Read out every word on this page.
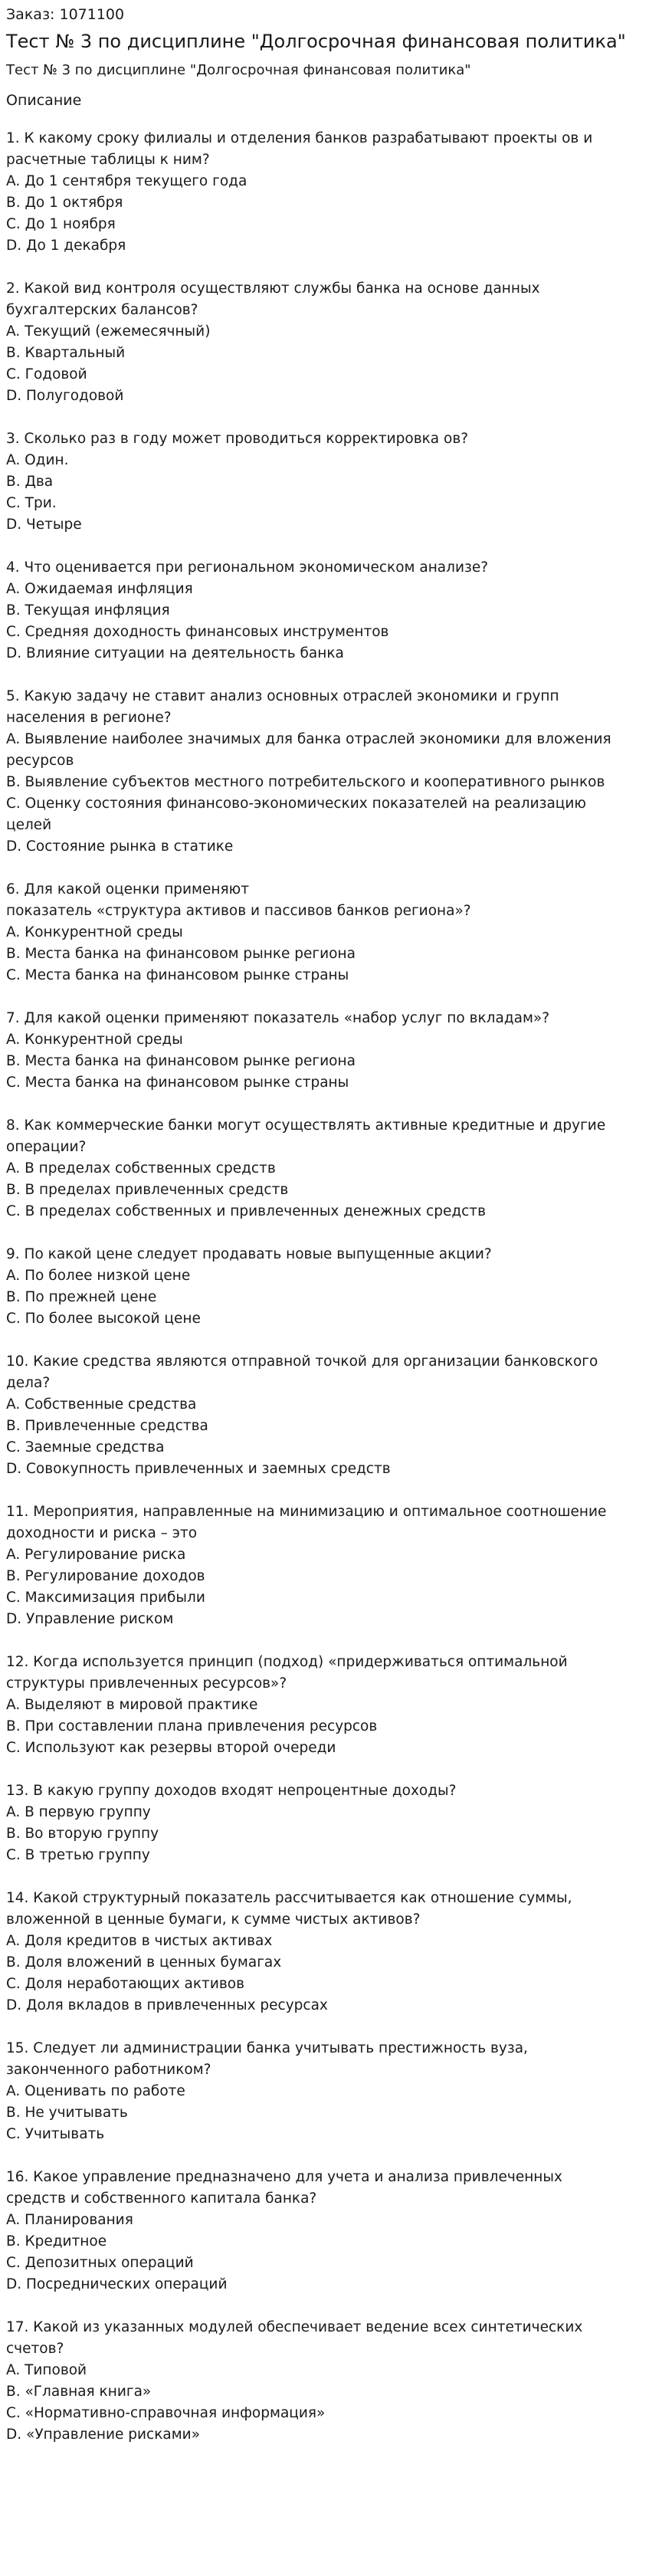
Заказ: 1071100
Тест № 3 по дисциплине "Долгосрочная финансовая политика"
Тест № 3 по дисциплине "Долгосрочная финансовая политика"
Описание

1. К какому сроку филиалы и отделения банков разрабатывают проекты ов и
расчетные таблицы к ним?

A. До 1 сентября текущего года

B. До 1 октября

C. До 1 ноября

D. До 1 декабря

2. Какой вид контроля осуществляют службы банка на основе данных
бухгалтерских балансов?

A. Текущий (ежемесячный)

B. Квартальный

C. Годовой

D. Полугодовой

3. Сколько раз в году может проводиться корректировка ов?

A. Один.

B. Два

C. Три.

D. Четыре

4. Что оценивается при региональном экономическом анализе?

A. Ожидаемая инфляция

B. Текущая инфляция

C. Средняя доходность финансовых инструментов

D. Влияние ситуации на деятельность банка

5. Какую задачу не ставит анализ основных отраслей экономики и групп
населения в регионе?

A. Выявление наиболее значимых для банка отраслей экономики для вложения
ресурсов

B. Выявление субъектов местного потребительского и кооперативного рынков

C. Оценку состояния финансово-экономических показателей на реализацию
целей

D. Состояние рынка в статике

6. Для какой оценки применяют
показатель «структура активов и пассивов банков региона»?

A. Конкурентной среды

B. Места банка на финансовом рынке региона

C. Места банка на финансовом рынке страны

7. Для какой оценки применяют показатель «набор услуг по вкладам»?

A. Конкурентной среды

B. Места банка на финансовом рынке региона

C. Места банка на финансовом рынке страны

8. Как коммерческие банки могут осуществлять активные кредитные и другие
операции?

A. В пределах собственных средств

B. В пределах привлеченных средств

C. В пределах собственных и привлеченных денежных средств

9. По какой цене следует продавать новые выпущенные акции?

A. По более низкой цене

B. По прежней цене

C. По более высокой цене

10. Какие средства являются отправной точкой для организации банковского
дела?

A. Собственные средства

B. Привлеченные средства

C. Заемные средства

D. Совокупность привлеченных и заемных средств

11. Мероприятия, направленные на минимизацию и оптимальное соотношение
доходности и риска – это

A. Регулирование риска

B. Регулирование доходов

C. Максимизация прибыли

D. Управление риском

12. Когда используется принцип (подход) «придерживаться оптимальной
структуры привлеченных ресурсов»?

A. Выделяют в мировой практике

B. При составлении плана привлечения ресурсов

C. Используют как резервы второй очереди

13. В какую группу доходов входят непроцентные доходы?

A. В первую группу

B. Во вторую группу

C. В третью группу

14. Какой структурный показатель рассчитывается как отношение суммы,
вложенной в ценные бумаги, к сумме чистых активов?

A. Доля кредитов в чистых активах

B. Доля вложений в ценных бумагах

C. Доля неработающих активов

D. Доля вкладов в привлеченных ресурсах

15. Следует ли администрации банка учитывать престижность вуза,
законченного работником?

A. Оценивать по работе

B. Не учитывать

C. Учитывать

16. Какое управление предназначено для учета и анализа привлеченных
средств и собственного капитала банка?

A. Планирования

B. Кредитное

C. Депозитных операций

D. Посреднических операций

17. Какой из указанных модулей обеспечивает ведение всех синтетических
счетов?

A. Типовой

B. «Главная книга»

C. «Нормативно-справочная информация»

D. «Управление рисками»
